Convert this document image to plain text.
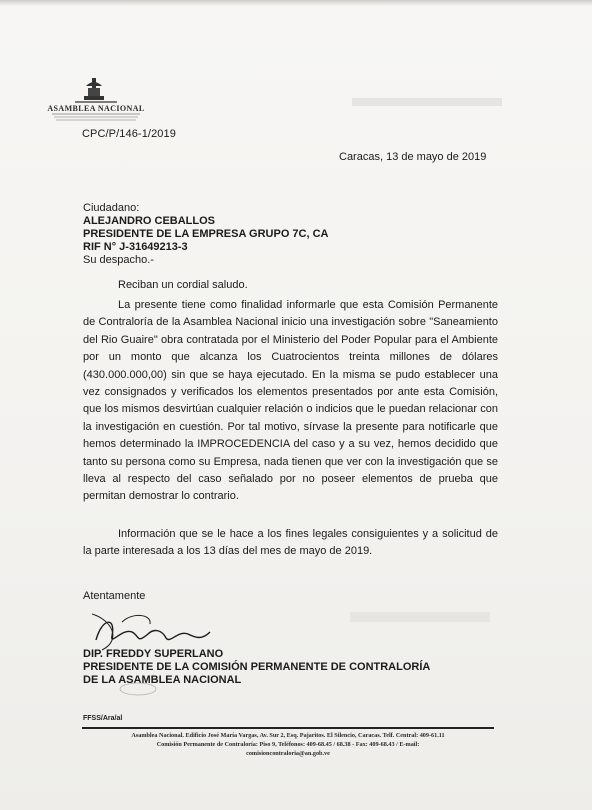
ASAMBLEA NACIONAL
CPC/P/146-1/2019
Caracas, 13 de mayo de 2019
Ciudadano:
ALEJANDRO CEBALLOS
PRESIDENTE DE LA EMPRESA GRUPO 7C, CA
RIF N° J-31649213-3
Su despacho.-
Reciban un cordial saludo.
La presente tiene como finalidad informarle que esta Comisión Permanente de Contraloría de la Asamblea Nacional inicio una investigación sobre "Saneamiento del Rio Guaire" obra contratada por el Ministerio del Poder Popular para el Ambiente por un monto que alcanza los Cuatrocientos treinta millones de dólares (430.000.000,00) sin que se haya ejecutado. En la misma se pudo establecer una vez consignados y verificados los elementos presentados por ante esta Comisión, que los mismos desvirtúan cualquier relación o indicios que le puedan relacionar con la investigación en cuestión. Por tal motivo, sírvase la presente para notificarle que hemos determinado la IMPROCEDENCIA del caso y a su vez, hemos decidido que tanto su persona como su Empresa, nada tienen que ver con la investigación que se lleva al respecto del caso señalado por no poseer elementos de prueba que permitan demostrar lo contrario.
Información que se le hace a los fines legales consiguientes y a solicitud de la parte interesada a los 13 días del mes de mayo de 2019.
Atentamente
DIP. FREDDY SUPERLANO
PRESIDENTE DE LA COMISIÓN PERMANENTE DE CONTRALORÍA
DE LA ASAMBLEA NACIONAL
FFSS/Ara/al
Asamblea Nacional. Edificio José María Vargas, Av. Sur 2, Esq. Pajaritos. El Silencio, Caracas. Telf. Central: 409-61.11
Comisión Permanente de Contraloría: Piso 9, Teléfonos: 409-68.45 / 68.38 - Fax: 409-68.43 / E-mail:
comisioncontraloria@an.gob.ve
